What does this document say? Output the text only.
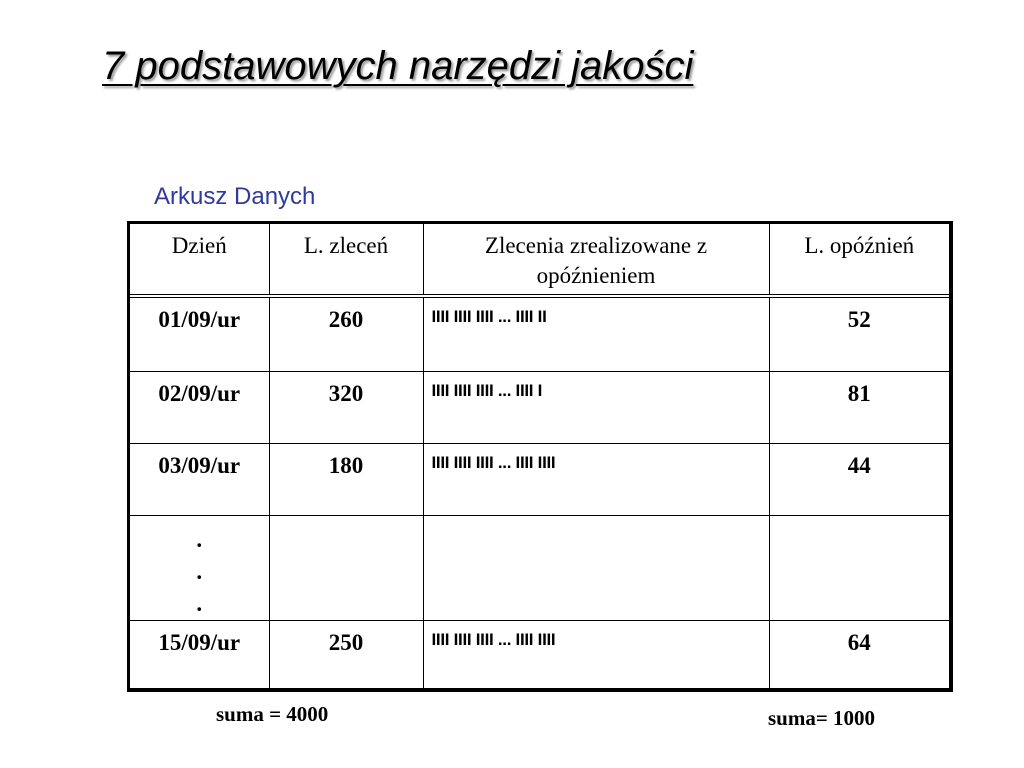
7 podstawowych narzędzi jakości
Arkusz Danych
Dzień	L. zleceń	Zlecenia zrealizowane z opóźnieniem	L. opóźnień
01/09/ur	260	IIII IIII IIII ... IIII II	52
02/09/ur	320	IIII IIII IIII ... IIII I	81
03/09/ur	180	IIII IIII IIII ... IIII IIII	44

.
.
.			

15/09/ur	250	IIII IIII IIII ... IIII IIII	64
suma = 4000	suma= 1000
